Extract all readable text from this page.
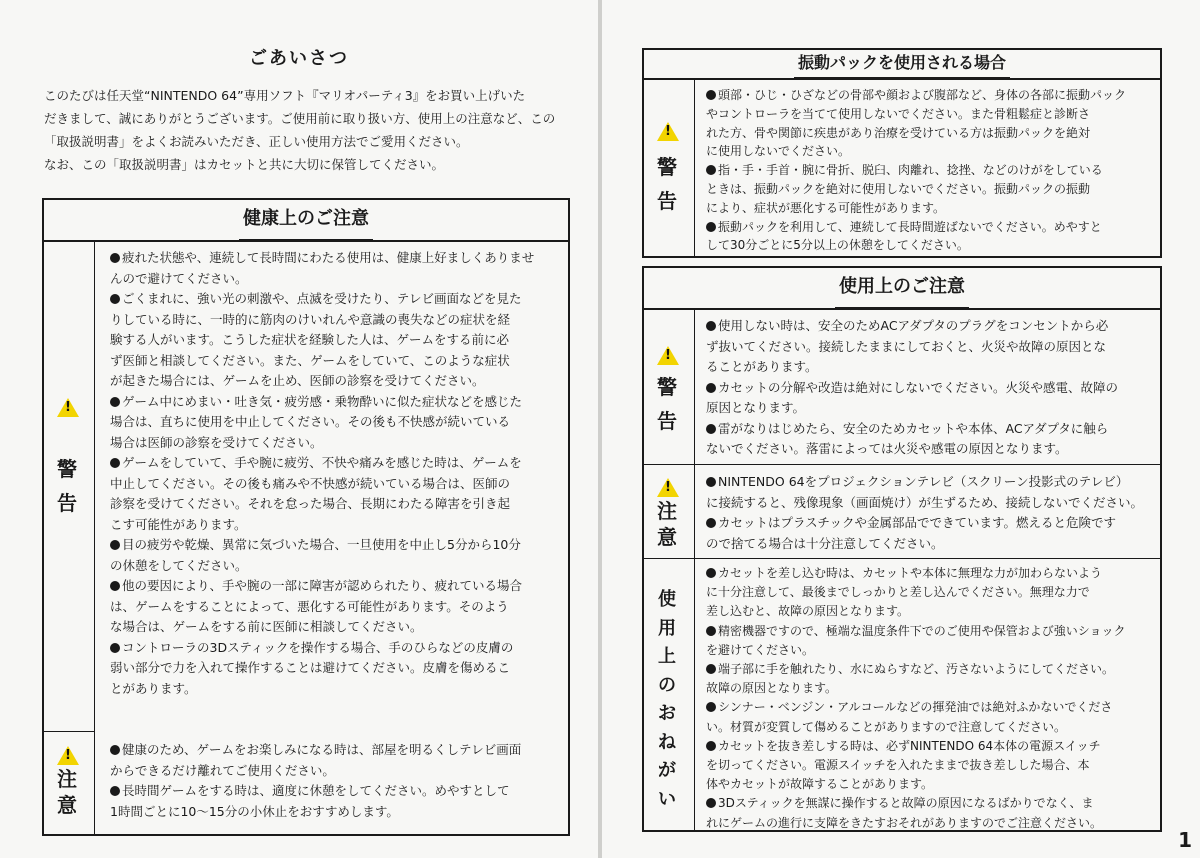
ごあいさつ
このたびは任天堂“NINTENDO 64”専用ソフト『マリオパーティ3』をお買い上げいた
だきまして、誠にありがとうございます。ご使用前に取り扱い方、使用上の注意など、この
「取扱説明書」をよくお読みいただき、正しい使用方法でご愛用ください。
なお、この「取扱説明書」はカセットと共に大切に保管してください。
健康上のご注意
!
警
告
!
注
意
疲れた状態や、連続して長時間にわたる使用は、健康上好ましくありませ
んので避けてください。
ごくまれに、強い光の刺激や、点滅を受けたり、テレビ画面などを見た
りしている時に、一時的に筋肉のけいれんや意識の喪失などの症状を経
験する人がいます。こうした症状を経験した人は、ゲームをする前に必
ず医師と相談してください。また、ゲームをしていて、このような症状
が起きた場合には、ゲームを止め、医師の診察を受けてください。
ゲーム中にめまい・吐き気・疲労感・乗物酔いに似た症状などを感じた
場合は、直ちに使用を中止してください。その後も不快感が続いている
場合は医師の診察を受けてください。
ゲームをしていて、手や腕に疲労、不快や痛みを感じた時は、ゲームを
中止してください。その後も痛みや不快感が続いている場合は、医師の
診察を受けてください。それを怠った場合、長期にわたる障害を引き起
こす可能性があります。
目の疲労や乾燥、異常に気づいた場合、一旦使用を中止し5分から10分
の休憩をしてください。
他の要因により、手や腕の一部に障害が認められたり、疲れている場合
は、ゲームをすることによって、悪化する可能性があります。そのよう
な場合は、ゲームをする前に医師に相談してください。
コントローラの3Dスティックを操作する場合、手のひらなどの皮膚の
弱い部分で力を入れて操作することは避けてください。皮膚を傷めるこ
とがあります。
健康のため、ゲームをお楽しみになる時は、部屋を明るくしテレビ画面
からできるだけ離れてご使用ください。
長時間ゲームをする時は、適度に休憩をしてください。めやすとして
1時間ごとに10〜15分の小休止をおすすめします。
振動パックを使用される場合
!
警
告
頭部・ひじ・ひざなどの骨部や顔および腹部など、身体の各部に振動パック
やコントローラを当てて使用しないでください。また骨粗鬆症と診断さ
れた方、骨や関節に疾患があり治療を受けている方は振動パックを絶対
に使用しないでください。
指・手・手首・腕に骨折、脱臼、肉離れ、捻挫、などのけがをしている
ときは、振動パックを絶対に使用しないでください。振動パックの振動
により、症状が悪化する可能性があります。
振動パックを利用して、連続して長時間遊ばないでください。めやすと
して30分ごとに5分以上の休憩をしてください。
使用上のご注意
!
警
告
!
注
意
使
用
上
の
お
ね
が
い
使用しない時は、安全のためACアダプタのプラグをコンセントから必
ず抜いてください。接続したままにしておくと、火災や故障の原因とな
ることがあります。
カセットの分解や改造は絶対にしないでください。火災や感電、故障の
原因となります。
雷がなりはじめたら、安全のためカセットや本体、ACアダプタに触ら
ないでください。落雷によっては火災や感電の原因となります。
NINTENDO 64をプロジェクションテレビ（スクリーン投影式のテレビ）
に接続すると、残像現象（画面焼け）が生ずるため、接続しないでください。
カセットはプラスチックや金属部品でできています。燃えると危険です
ので捨てる場合は十分注意してください。
カセットを差し込む時は、カセットや本体に無理な力が加わらないよう
に十分注意して、最後までしっかりと差し込んでください。無理な力で
差し込むと、故障の原因となります。
精密機器ですので、極端な温度条件下でのご使用や保管および強いショック
を避けてください。
端子部に手を触れたり、水にぬらすなど、汚さないようにしてください。
故障の原因となります。
シンナー・ベンジン・アルコールなどの揮発油では絶対ふかないでくださ
い。材質が変質して傷めることがありますので注意してください。
カセットを抜き差しする時は、必ずNINTENDO 64本体の電源スイッチ
を切ってください。電源スイッチを入れたままで抜き差しした場合、本
体やカセットが故障することがあります。
3Dスティックを無謀に操作すると故障の原因になるばかりでなく、ま
れにゲームの進行に支障をきたすおそれがありますのでご注意ください。
1
